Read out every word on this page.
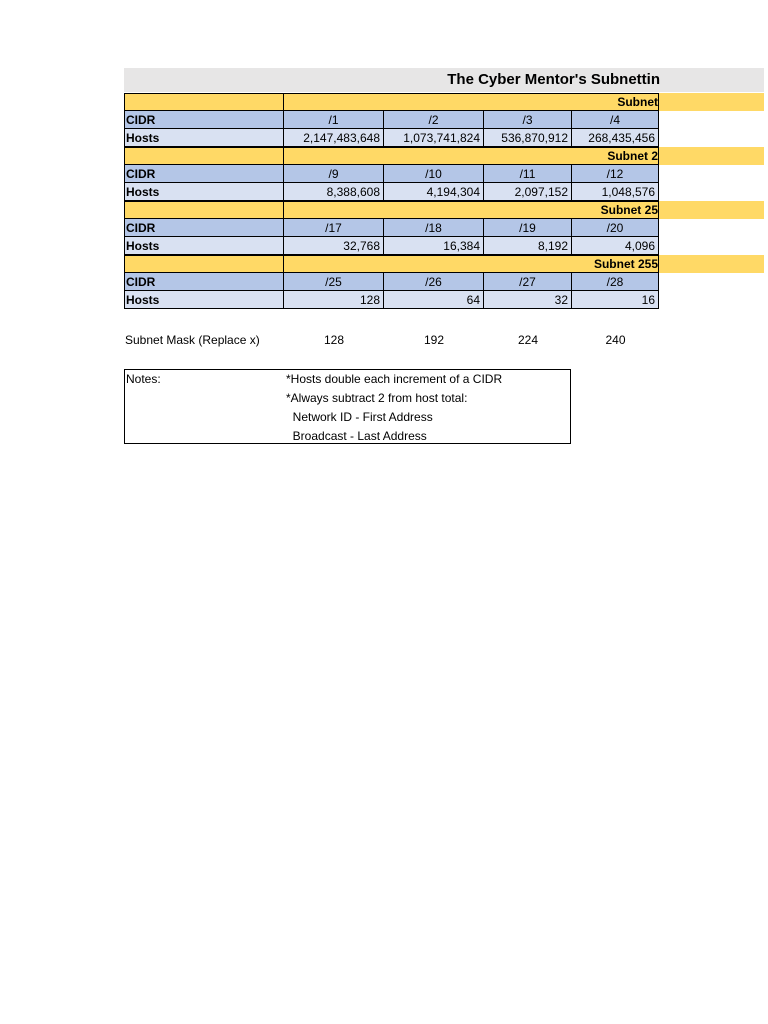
The Cyber Mentor's Subnettin
Subnet
CIDR	/1	/2	/3	/4
Hosts	2,147,483,648	1,073,741,824	536,870,912	268,435,456
Subnet 2
CIDR	/9	/10	/11	/12
Hosts	8,388,608	4,194,304	2,097,152	1,048,576
Subnet 25
CIDR	/17	/18	/19	/20
Hosts	32,768	16,384	8,192	4,096
Subnet 255
CIDR	/25	/26	/27	/28
Hosts	128	64	32	16
Subnet Mask (Replace x)	128	192	224	240
Notes:	*Hosts double each increment of a CIDR
*Always subtract 2 from host total:
Network ID - First Address
Broadcast - Last Address
